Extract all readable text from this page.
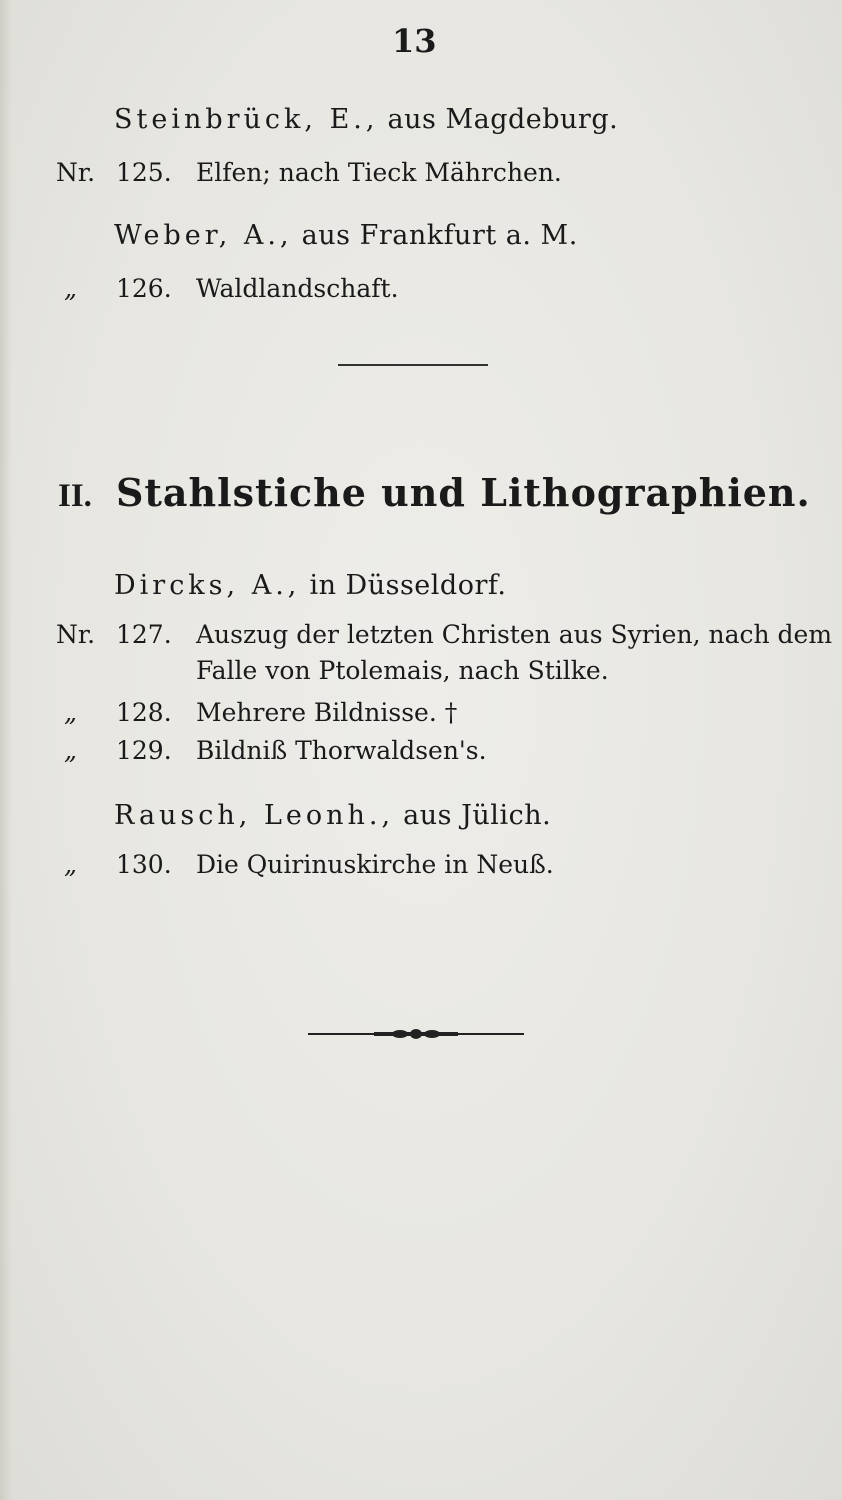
13
Steinbrück, E., aus Magdeburg.
Nr. 125. Elfen; nach Tieck Mährchen.
Weber, A., aus Frankfurt a. M.
„ 126. Waldlandschaft.
II. Stahlstiche und Lithographien.
Dircks, A., in Düsseldorf.
Nr. 127. Auszug der letzten Christen aus Syrien, nach dem
Falle von Ptolemais, nach Stilke.
„ 128. Mehrere Bildnisse. †
„ 129. Bildniß Thorwaldsen's.
Rausch, Leonh., aus Jülich.
„ 130. Die Quirinuskirche in Neuß.
